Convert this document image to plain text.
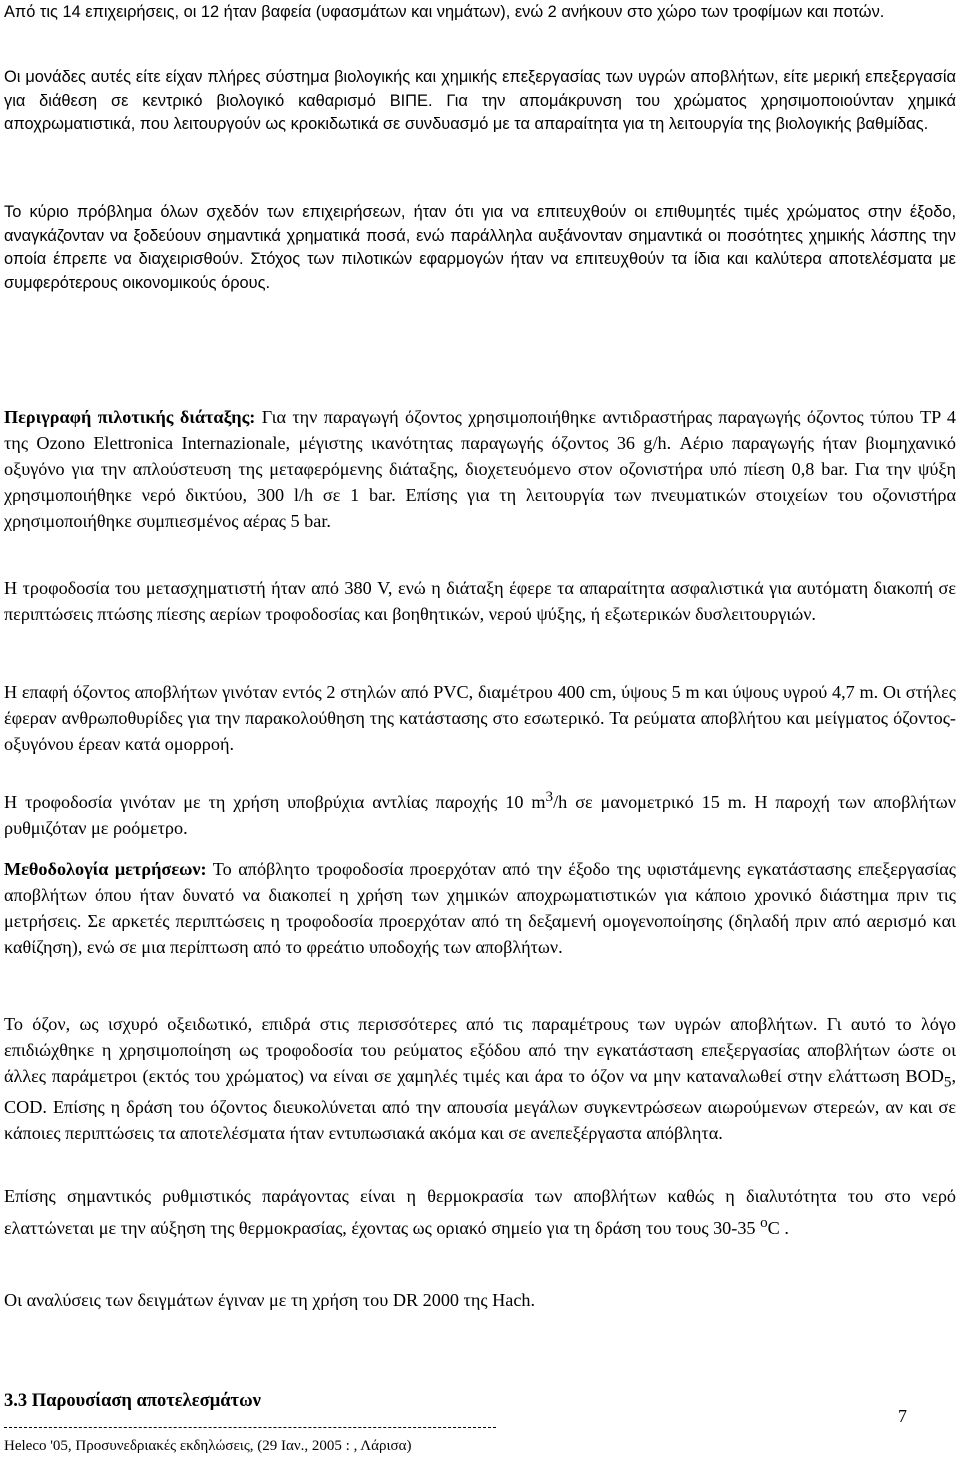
Από τις 14 επιχειρήσεις, οι 12 ήταν βαφεία (υφασμάτων και νημάτων), ενώ 2 ανήκουν στο χώρο των τροφίμων και ποτών.

Οι μονάδες αυτές είτε είχαν πλήρες σύστημα βιολογικής και χημικής επεξεργασίας των υγρών αποβλήτων, είτε μερική επεξεργασία για διάθεση σε κεντρικό βιολογικό καθαρισμό ΒΙΠΕ. Για την απομάκρυνση του χρώματος χρησιμοποιούνταν χημικά αποχρωματιστικά, που λειτουργούν ως κροκιδωτικά σε συνδυασμό με τα απαραίτητα για τη λειτουργία της βιολογικής βαθμίδας.

Το κύριο πρόβλημα όλων σχεδόν των επιχειρήσεων, ήταν ότι για να επιτευχθούν οι επιθυμητές τιμές χρώματος στην έξοδο, αναγκάζονταν να ξοδεύουν σημαντικά χρηματικά ποσά, ενώ παράλληλα αυξάνονταν σημαντικά οι ποσότητες χημικής λάσπης την οποία έπρεπε να διαχειρισθούν. Στόχος των πιλοτικών εφαρμογών ήταν να επιτευχθούν τα ίδια και καλύτερα αποτελέσματα με συμφερότερους οικονομικούς όρους.

Περιγραφή πιλοτικής διάταξης: Για την παραγωγή όζοντος χρησιμοποιήθηκε αντιδραστήρας παραγωγής όζοντος τύπου TP 4 της Ozono Elettronica Internazionale, μέγιστης ικανότητας παραγωγής όζοντος 36 g/h. Αέριο παραγωγής ήταν βιομηχανικό οξυγόνο για την απλούστευση της μεταφερόμενης διάταξης, διοχετευόμενο στον οζονιστήρα υπό πίεση 0,8 bar. Για την ψύξη χρησιμοποιήθηκε νερό δικτύου, 300 l/h σε 1 bar. Επίσης για τη λειτουργία των πνευματικών στοιχείων του οζονιστήρα χρησιμοποιήθηκε συμπιεσμένος αέρας 5 bar.

Η τροφοδοσία του μετασχηματιστή ήταν από 380 V, ενώ η διάταξη έφερε τα απαραίτητα ασφαλιστικά για αυτόματη διακοπή σε περιπτώσεις πτώσης πίεσης αερίων τροφοδοσίας και βοηθητικών, νερού ψύξης, ή εξωτερικών δυσλειτουργιών.

Η επαφή όζοντος αποβλήτων γινόταν εντός 2 στηλών από PVC, διαμέτρου 400 cm, ύψους 5 m και ύψους υγρού 4,7 m. Οι στήλες έφεραν ανθρωποθυρίδες για την παρακολούθηση της κατάστασης στο εσωτερικό. Τα ρεύματα αποβλήτου και μείγματος όζοντος-οξυγόνου έρεαν κατά ομορροή.

Η τροφοδοσία γινόταν με τη χρήση υποβρύχια αντλίας παροχής 10 $m^3/h$ σε μανομετρικό 15 m. Η παροχή των αποβλήτων ρυθμιζόταν με ροόμετρο.

Μεθοδολογία μετρήσεων: Το απόβλητο τροφοδοσία προερχόταν από την έξοδο της υφιστάμενης εγκατάστασης επεξεργασίας αποβλήτων όπου ήταν δυνατό να διακοπεί η χρήση των χημικών αποχρωματιστικών για κάποιο χρονικό διάστημα πριν τις μετρήσεις. Σε αρκετές περιπτώσεις η τροφοδοσία προερχόταν από τη δεξαμενή ομογενοποίησης (δηλαδή πριν από αερισμό και καθίζηση), ενώ σε μια περίπτωση από το φρεάτιο υποδοχής των αποβλήτων.

Το όζον, ως ισχυρό οξειδωτικό, επιδρά στις περισσότερες από τις παραμέτρους των υγρών αποβλήτων. Γι αυτό το λόγο επιδιώχθηκε η χρησιμοποίηση ως τροφοδοσία του ρεύματος εξόδου από την εγκατάσταση επεξεργασίας αποβλήτων ώστε οι άλλες παράμετροι (εκτός του χρώματος) να είναι σε χαμηλές τιμές και άρα το όζον να μην καταναλωθεί στην ελάττωση $BOD_5$, COD. Επίσης η δράση του όζοντος διευκολύνεται από την απουσία μεγάλων συγκεντρώσεων αιωρούμενων στερεών, αν και σε κάποιες περιπτώσεις τα αποτελέσματα ήταν εντυπωσιακά ακόμα και σε ανεπεξέργαστα απόβλητα.

Επίσης σημαντικός ρυθμιστικός παράγοντας είναι η θερμοκρασία των αποβλήτων καθώς η διαλυτότητα του στο νερό ελαττώνεται με την αύξηση της θερμοκρασίας, έχοντας ως οριακό σημείο για τη δράση του τους 30-35 $^o$C .

Οι αναλύσεις των δειγμάτων έγιναν με τη χρήση του DR 2000 της Hach.

3.3 Παρουσίαση αποτελεσμάτων

7

Heleco '05, Προσυνεδριακές εκδηλώσεις, (29 Ιαν., 2005 : , Λάρισα)
